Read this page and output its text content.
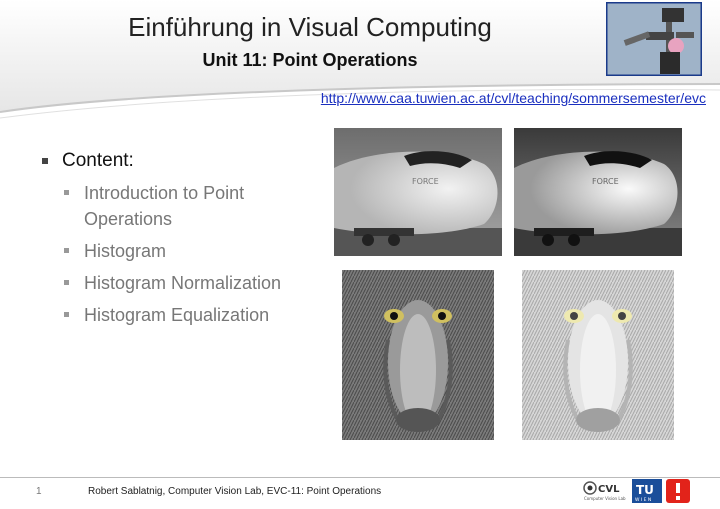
Einführung in Visual Computing
Unit 11: Point Operations
http://www.caa.tuwien.ac.at/cvl/teaching/sommersemester/evc
Content:
Introduction to Point Operations
Histogram
Histogram Normalization
Histogram Equalization
FORCE	FORCE
1	Robert Sablatnig, Computer Vision Lab, EVC-11: Point Operations	CVL
Computer Vision Lab
TU
W I E N
